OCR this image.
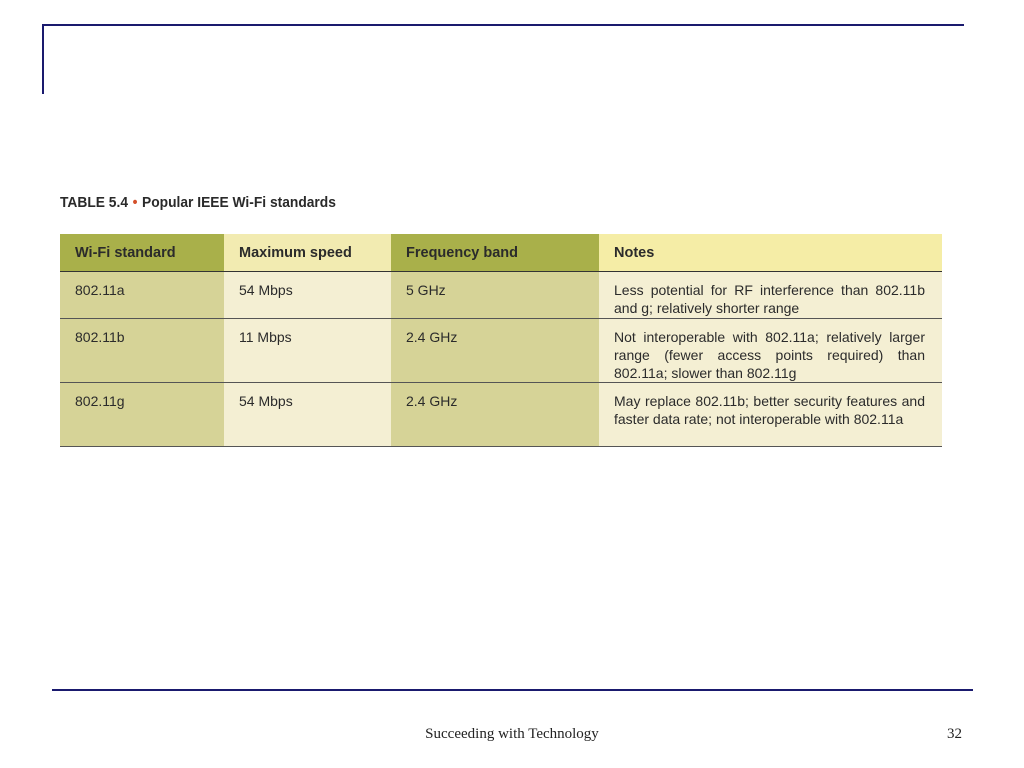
TABLE 5.4 • Popular IEEE Wi-Fi standards
Wi-Fi standard	Maximum speed	Frequency band	Notes
802.11a	54 Mbps	5 GHz	Less potential for RF interference than 802.11b and g; relatively shorter range
802.11b	11 Mbps	2.4 GHz	Not interoperable with 802.11a; relatively larger range (fewer access points required) than 802.11a; slower than 802.11g
802.11g	54 Mbps	2.4 GHz	May replace 802.11b; better security features and faster data rate; not interoperable with 802.11a
Succeeding with Technology	32
